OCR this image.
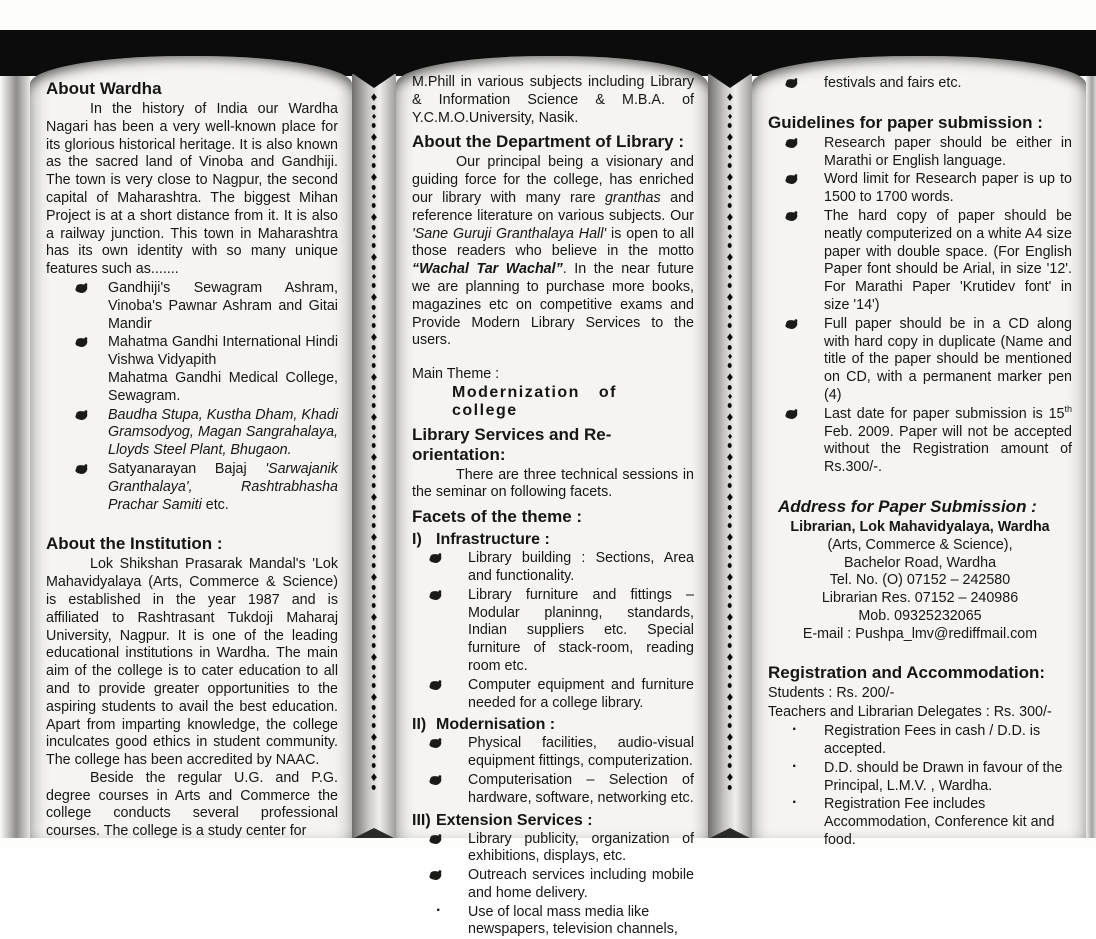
About Wardha
In the history of India our Wardha Nagari has been a very well-known place for its glorious historical heritage. It is also known as the sacred land of Vinoba and Gandhiji. The town is very close to Nagpur, the second capital of Maharashtra. The biggest Mihan Project is at a short distance from it. It is also a railway junction. This town in Maharashtra has its own identity with so many unique features such as.......
Gandhiji's Sewagram Ashram, Vinoba's Pawnar Ashram and Gitai Mandir
Mahatma Gandhi International Hindi Vishwa Vidyapith
Mahatma Gandhi Medical College, Sewagram.
Baudha Stupa, Kustha Dham, Khadi Gramsodyog, Magan Sangrahalaya, Lloyds Steel Plant, Bhugaon.
Satyanarayan Bajaj 'Sarwajanik Granthalaya', Rashtrabhasha Prachar Samiti etc.
About the Institution :
Lok Shikshan Prasarak Mandal's 'Lok Mahavidyalaya (Arts, Commerce & Science) is established in the year 1987 and is affiliated to Rashtrasant Tukdoji Maharaj University, Nagpur. It is one of the leading educational institutions in Wardha. The main aim of the college is to cater education to all and to provide greater opportunities to the aspiring students to avail the best education. Apart from imparting knowledge, the college inculcates good ethics in student community. The college has been accredited by NAAC.
Beside the regular U.G. and P.G. degree courses in Arts and Commerce the college conducts several professional courses. The college is a study center for
♦
♦
♦
♦
♦
♦
♦
♦
♦
♦
♦
♦
♦
♦
♦
♦
♦
♦
♦
♦
♦
♦
♦
♦
♦
♦
♦
♦
♦
♦
♦
♦
♦
♦
♦
M.Phill in various subjects including Library & Information Science & M.B.A. of Y.C.M.O.University, Nasik.
About the Department of Library :
Our principal being a visionary and guiding force for the college, has enriched our library with many rare granthas and reference literature on various subjects. Our 'Sane Guruji Granthalaya Hall' is open to all those readers who believe in the motto “Wachal Tar Wachal”. In the near future we are planning to purchase more books, magazines etc on competitive exams and Provide Modern Library Services to the users.
Main Theme :
Modernization of college
Library Services and Re-orientation:
There are three technical sessions in the seminar on following facets.
Facets of the theme :
I) Infrastructure :
Library building : Sections, Area and functionality.
Library furniture and fittings – Modular planinng, standards, Indian suppliers etc. Special furniture of stack-room, reading room etc.
Computer equipment and furniture needed for a college library.
II) Modernisation :
Physical facilities, audio-visual equipment fittings, computerization.
Computerisation – Selection of hardware, software, networking etc.
III) Extension Services :
Library publicity, organization of exhibitions, displays, etc.
Outreach services including mobile and home delivery.
· Use of local mass media like newspapers, television channels,
♦
♦
♦
♦
♦
♦
♦
♦
♦
♦
♦
♦
♦
♦
♦
♦
♦
♦
♦
♦
♦
♦
♦
♦
♦
♦
♦
♦
♦
♦
♦
♦
♦
♦
♦
festivals and fairs etc.
Guidelines for paper submission :
Research paper should be either in Marathi or English language.
Word limit for Research paper is up to 1500 to 1700 words.
The hard copy of paper should be neatly computerized on a white A4 size paper with double space. (For English Paper font should be Arial, in size '12'. For Marathi Paper 'Krutidev font' in size '14')
Full paper should be in a CD along with hard copy in duplicate (Name and title of the paper should be mentioned on CD, with a permanent marker pen (4)
Last date for paper submission is 15th Feb. 2009. Paper will not be accepted without the Registration amount of Rs.300/-.
Address for Paper Submission :
Librarian, Lok Mahavidyalaya, Wardha
(Arts, Commerce & Science),
Bachelor Road, Wardha
Tel. No. (O) 07152 – 242580
Librarian Res. 07152 – 240986
Mob. 09325232065
E-mail : Pushpa_lmv@rediffmail.com
Registration and Accommodation:
Students : Rs. 200/-
Teachers and Librarian Delegates : Rs. 300/-
· Registration Fees in cash / D.D. is accepted.
· D.D. should be Drawn in favour of the Principal, L.M.V. , Wardha.
· Registration Fee includes Accommodation, Conference kit and food.
